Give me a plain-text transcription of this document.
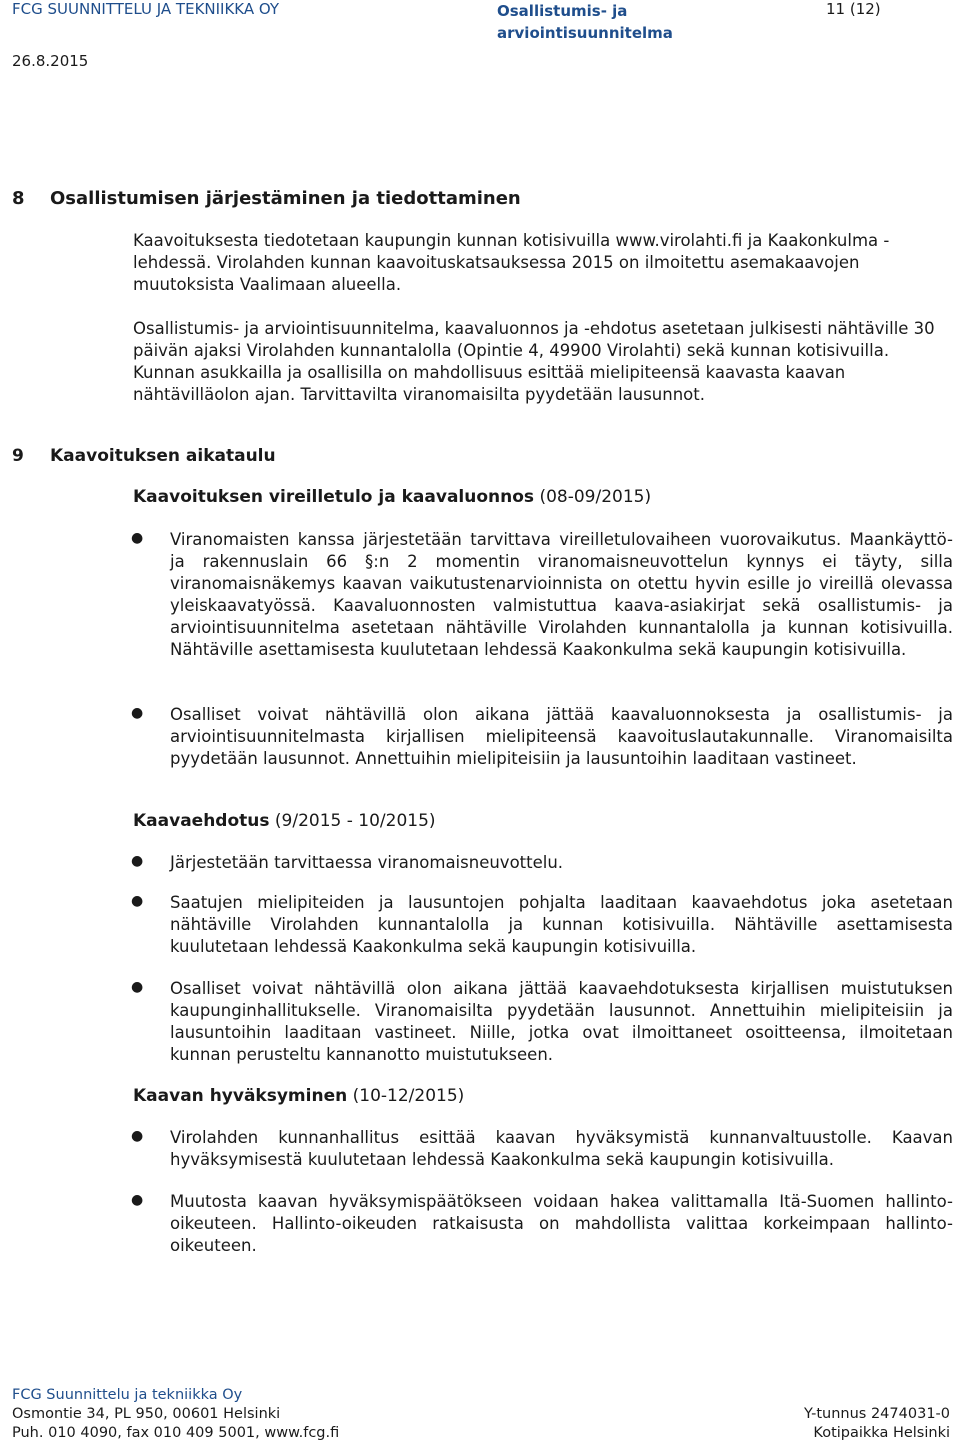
FCG SUUNNITTELU JA TEKNIIKKA OY	Osallistumis- ja arviointisuunnitelma
11 (12)
26.8.2015
8 Osallistumisen järjestäminen ja tiedottaminen
Kaavoituksesta tiedotetaan kaupungin kunnan kotisivuilla www.virolahti.fi ja Kaakonkulma -lehdessä. Virolahden kunnan kaavoituskatsauksessa 2015 on ilmoitettu asemakaavojen muutoksista Vaalimaan alueella.
Osallistumis- ja arviointisuunnitelma, kaavaluonnos ja -ehdotus asetetaan julkisesti nähtäville 30 päivän ajaksi Virolahden kunnantalolla (Opintie 4, 49900 Virolahti) sekä kunnan kotisivuilla. Kunnan asukkailla ja osallisilla on mahdollisuus esittää mielipiteensä kaavasta kaavan nähtävilläolon ajan. Tarvittavilta viranomaisilta pyydetään lausunnot.
9 Kaavoituksen aikataulu
Kaavoituksen vireilletulo ja kaavaluonnos (08-09/2015)
● Viranomaisten kanssa järjestetään tarvittava vireilletulovaiheen vuorovaikutus. Maankäyttö- ja rakennuslain 66 §:n 2 momentin viranomaisneuvottelun kynnys ei täyty, silla viranomaisnäkemys kaavan vaikutustenarvioinnista on otettu hyvin esille jo vireillä olevassa yleiskaavatyössä. Kaavaluonnosten valmistuttua kaava-asiakirjat sekä osallistumis- ja arviointisuunnitelma asetetaan nähtäville Virolahden kunnantalolla ja kunnan kotisivuilla. Nähtäville asettamisesta kuulutetaan lehdessä Kaakonkulma sekä kaupungin kotisivuilla.
● Osalliset voivat nähtävillä olon aikana jättää kaavaluonnoksesta ja osallistumis- ja arviointisuunnitelmasta kirjallisen mielipiteensä kaavoituslautakunnalle. Viranomaisilta pyydetään lausunnot. Annettuihin mielipiteisiin ja lausuntoihin laaditaan vastineet.
Kaavaehdotus (9/2015 - 10/2015)
● Järjestetään tarvittaessa viranomaisneuvottelu.
● Saatujen mielipiteiden ja lausuntojen pohjalta laaditaan kaavaehdotus joka asetetaan nähtäville Virolahden kunnantalolla ja kunnan kotisivuilla. Nähtäville asettamisesta kuulutetaan lehdessä Kaakonkulma sekä kaupungin kotisivuilla.
● Osalliset voivat nähtävillä olon aikana jättää kaavaehdotuksesta kirjallisen muistutuksen kaupunginhallitukselle. Viranomaisilta pyydetään lausunnot. Annettuihin mielipiteisiin ja lausuntoihin laaditaan vastineet. Niille, jotka ovat ilmoittaneet osoitteensa, ilmoitetaan kunnan perusteltu kannanotto muistutukseen.
Kaavan hyväksyminen (10-12/2015)
● Virolahden kunnanhallitus esittää kaavan hyväksymistä kunnanvaltuustolle. Kaavan hyväksymisestä kuulutetaan lehdessä Kaakonkulma sekä kaupungin kotisivuilla.
● Muutosta kaavan hyväksymispäätökseen voidaan hakea valittamalla Itä-Suomen hallinto-oikeuteen. Hallinto-oikeuden ratkaisusta on mahdollista valittaa korkeimpaan hallinto-oikeuteen.
FCG Suunnittelu ja tekniikka Oy
Osmontie 34, PL 950, 00601 Helsinki
Puh. 010 4090, fax 010 409 5001, www.fcg.fi
Y-tunnus 2474031-0
Kotipaikka Helsinki
